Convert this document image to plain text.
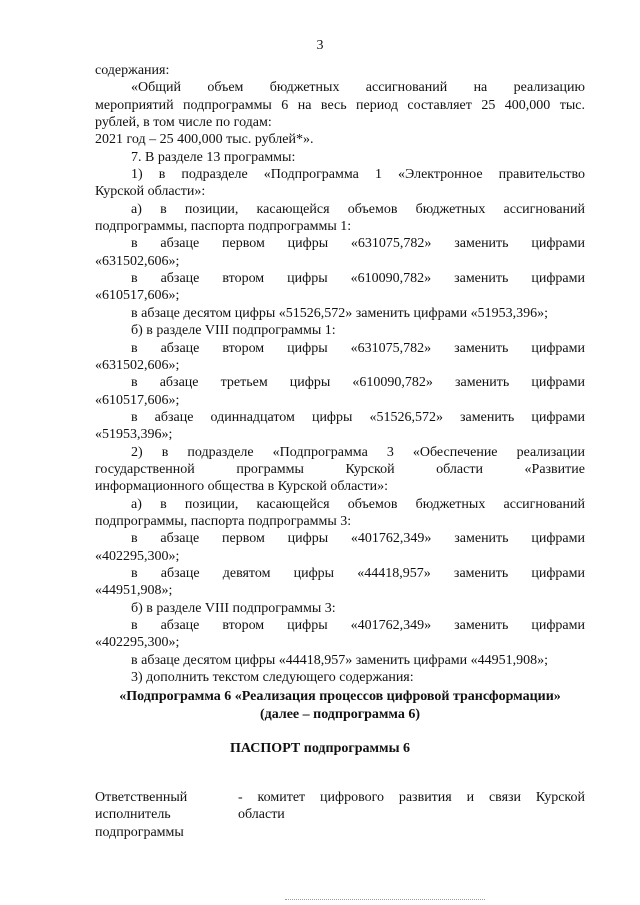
3

содержания:

«Общий объем бюджетных ассигнований на реализацию

мероприятий подпрограммы 6 на весь период составляет 25 400,000 тыс.

рублей, в том числе по годам:

2021 год – 25 400,000 тыс. рублей*».

7. В разделе 13 программы:

1) в подразделе «Подпрограмма 1 «Электронное правительство

Курской области»:

а) в позиции, касающейся объемов бюджетных ассигнований

подпрограммы, паспорта подпрограммы 1:

в абзаце первом цифры «631075,782» заменить цифрами

«631502,606»;

в абзаце втором цифры «610090,782» заменить цифрами

«610517,606»;

в абзаце десятом цифры «51526,572» заменить цифрами «51953,396»;

б) в разделе VIII подпрограммы 1:

в абзаце втором цифры «631075,782» заменить цифрами

«631502,606»;

в абзаце третьем цифры «610090,782» заменить цифрами

«610517,606»;

в абзаце одиннадцатом цифры «51526,572» заменить цифрами

«51953,396»;

2) в подразделе «Подпрограмма 3 «Обеспечение реализации

государственной программы Курской области «Развитие

информационного общества в Курской области»:

а) в позиции, касающейся объемов бюджетных ассигнований

подпрограммы, паспорта подпрограммы 3:

в абзаце первом цифры «401762,349» заменить цифрами

«402295,300»;

в абзаце девятом цифры «44418,957» заменить цифрами

«44951,908»;

б) в разделе VIII подпрограммы 3:

в абзаце втором цифры «401762,349» заменить цифрами

«402295,300»;

в абзаце десятом цифры «44418,957» заменить цифрами «44951,908»;

3) дополнить текстом следующего содержания:

«Подпрограмма 6 «Реализация процессов цифровой трансформации»

(далее – подпрограмма 6)

ПАСПОРТ подпрограммы 6
Ответственный
исполнитель
подпрограммы

- комитет цифрового развития и связи Курской

области
